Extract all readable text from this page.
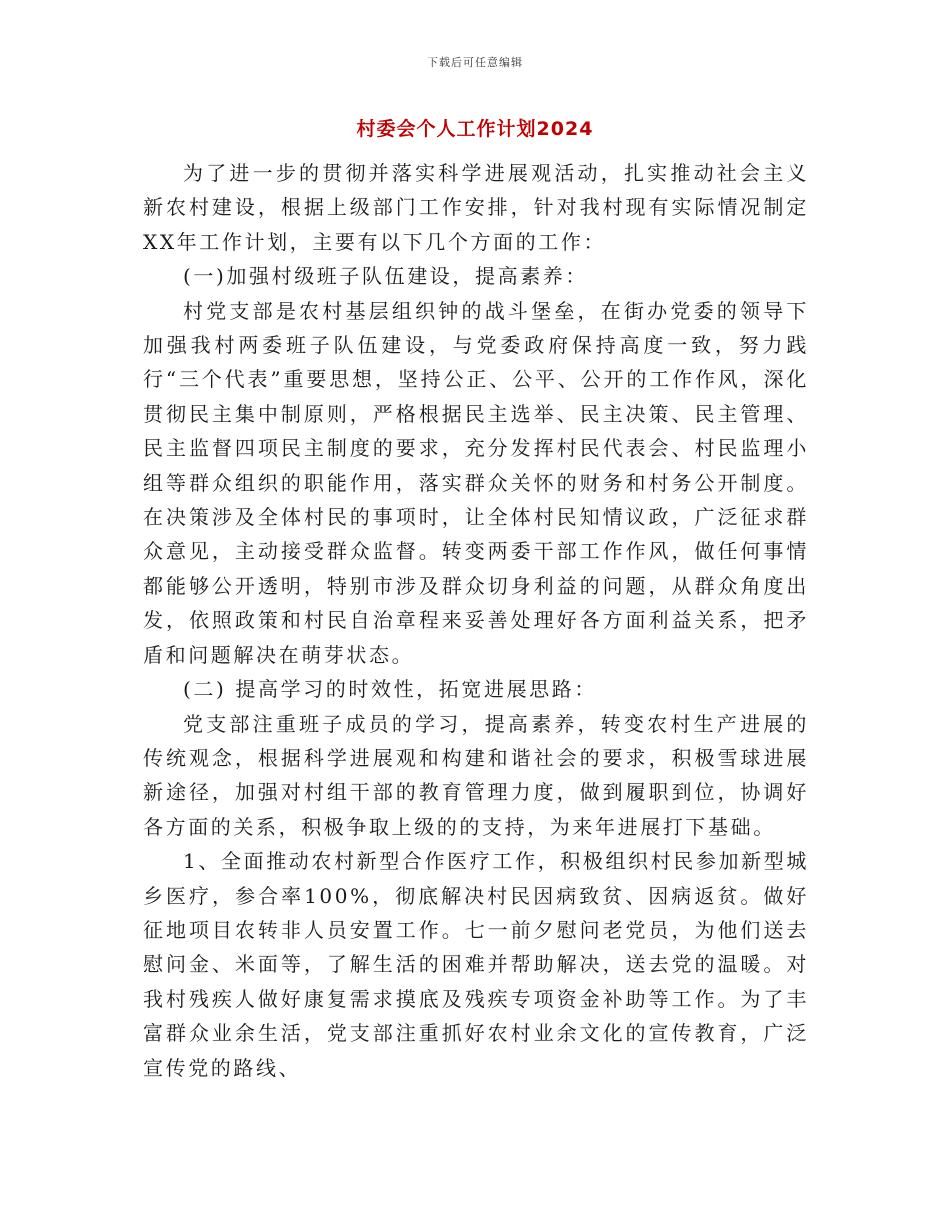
下载后可任意编辑
村委会个人工作计划2024

为了进一步的贯彻并落实科学进展观活动，扎实推动社会主义新农村建设，根据上级部门工作安排，针对我村现有实际情况制定XX年工作计划，主要有以下几个方面的工作：

(一)加强村级班子队伍建设，提高素养：

村党支部是农村基层组织钟的战斗堡垒，在街办党委的领导下加强我村两委班子队伍建设，与党委政府保持高度一致，努力践行“三个代表”重要思想，坚持公正、公平、公开的工作作风，深化贯彻民主集中制原则，严格根据民主选举、民主决策、民主管理、民主监督四项民主制度的要求，充分发挥村民代表会、村民监理小组等群众组织的职能作用，落实群众关怀的财务和村务公开制度。在决策涉及全体村民的事项时，让全体村民知情议政，广泛征求群众意见，主动接受群众监督。转变两委干部工作作风，做任何事情都能够公开透明，特别市涉及群众切身利益的问题，从群众角度出发，依照政策和村民自治章程来妥善处理好各方面利益关系，把矛盾和问题解决在萌芽状态。

(二) 提高学习的时效性，拓宽进展思路：

党支部注重班子成员的学习，提高素养，转变农村生产进展的传统观念，根据科学进展观和构建和谐社会的要求，积极雪球进展新途径，加强对村组干部的教育管理力度，做到履职到位，协调好各方面的关系，积极争取上级的的支持，为来年进展打下基础。

1、全面推动农村新型合作医疗工作，积极组织村民参加新型城乡医疗，参合率100%，彻底解决村民因病致贫、因病返贫。做好征地项目农转非人员安置工作。七一前夕慰问老党员，为他们送去慰问金、米面等，了解生活的困难并帮助解决，送去党的温暖。对我村残疾人做好康复需求摸底及残疾专项资金补助等工作。为了丰富群众业余生活，党支部注重抓好农村业余文化的宣传教育，广泛宣传党的路线、
